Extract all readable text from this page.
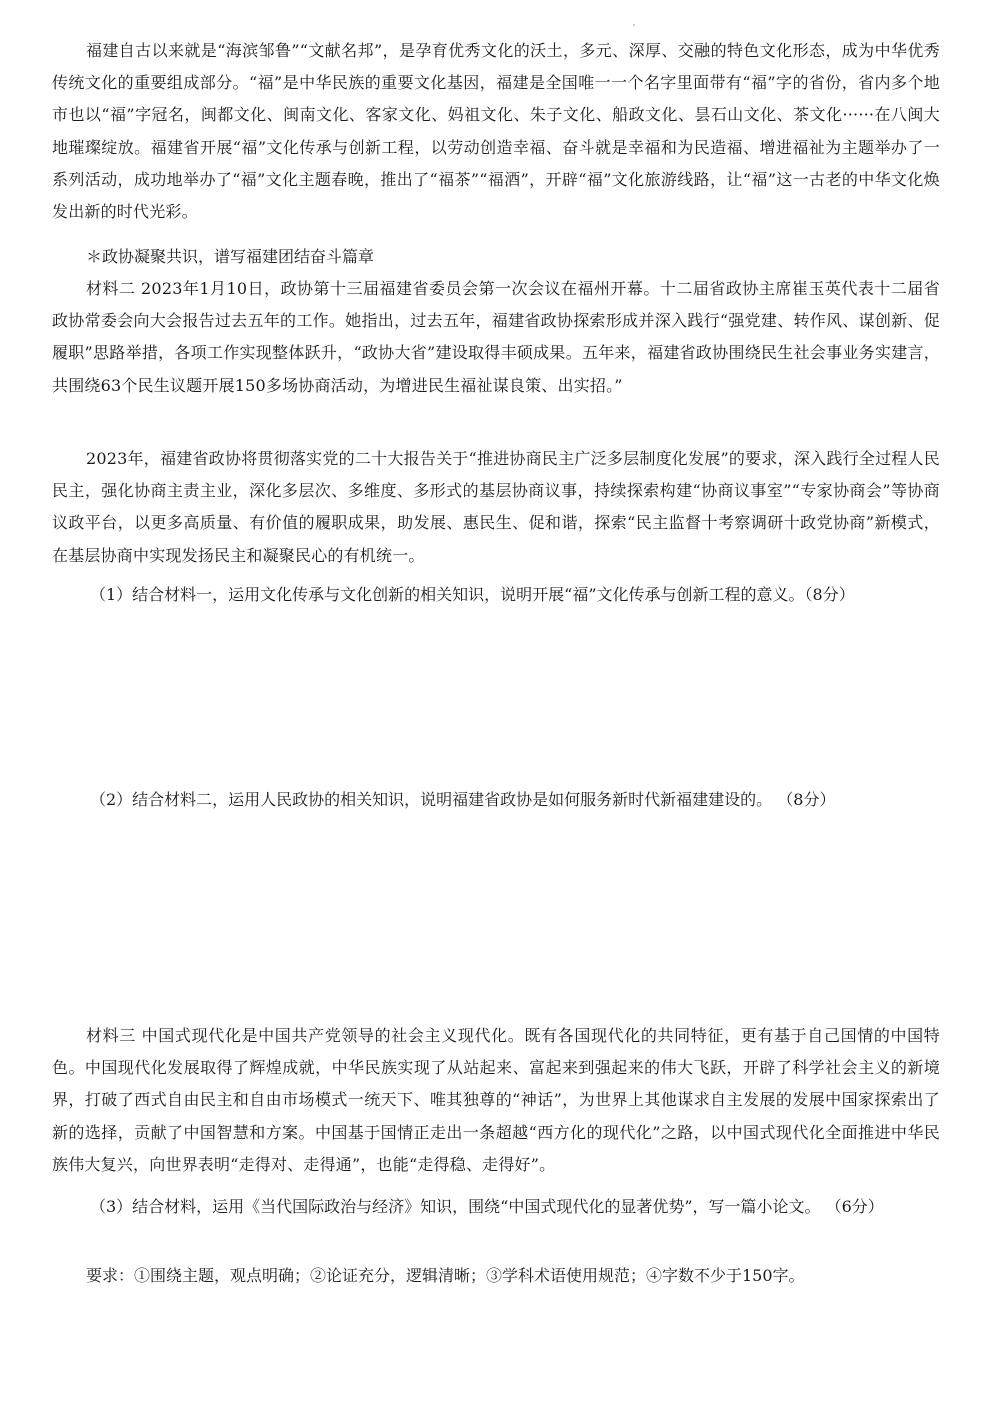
福建自古以来就是“海滨邹鲁”“文献名邦”，是孕育优秀文化的沃土，多元、深厚、交融的特色文化形态，成为中华优秀传统文化的重要组成部分。“福”是中华民族的重要文化基因，福建是全国唯一一个名字里面带有“福”字的省份，省内多个地市也以“福”字冠名，闽都文化、闽南文化、客家文化、妈祖文化、朱子文化、船政文化、昙石山文化、茶文化······在八闽大地璀璨绽放。福建省开展“福”文化传承与创新工程，以劳动创造幸福、奋斗就是幸福和为民造福、增进福祉为主题举办了一系列活动，成功地举办了“福”文化主题春晚，推出了“福茶”“福酒”，开辟“福”文化旅游线路，让“福”这一古老的中华文化焕发出新的时代光彩。

＊政协凝聚共识，谱写福建团结奋斗篇章

材料二 2023年1月10日，政协第十三届福建省委员会第一次会议在福州开幕。十二届省政协主席崔玉英代表十二届省政协常委会向大会报告过去五年的工作。她指出，过去五年，福建省政协探索形成并深入践行“强党建、转作风、谋创新、促履职”思路举措，各项工作实现整体跃升，“政协大省”建设取得丰硕成果。五年来，福建省政协围绕民生社会事业务实建言，共围绕63个民生议题开展150多场协商活动，为增进民生福祉谋良策、出实招。”

2023年，福建省政协将贯彻落实党的二十大报告关于“推进协商民主广泛多层制度化发展”的要求，深入践行全过程人民民主，强化协商主责主业，深化多层次、多维度、多形式的基层协商议事，持续探索构建“协商议事室”“专家协商会”等协商议政平台，以更多高质量、有价值的履职成果，助发展、惠民生、促和谐，探索“民主监督十考察调研十政党协商”新模式，在基层协商中实现发扬民主和凝聚民心的有机统一。

（1）结合材料一，运用文化传承与文化创新的相关知识，说明开展“福”文化传承与创新工程的意义。（8分）

（2）结合材料二，运用人民政协的相关知识，说明福建省政协是如何服务新时代新福建建设的。 （8分）

材料三 中国式现代化是中国共产党领导的社会主义现代化。既有各国现代化的共同特征，更有基于自己国情的中国特色。中国现代化发展取得了辉煌成就，中华民族实现了从站起来、富起来到强起来的伟大飞跃，开辟了科学社会主义的新境界，打破了西式自由民主和自由市场模式一统天下、唯其独尊的“神话”，为世界上其他谋求自主发展的发展中国家探索出了新的选择，贡献了中国智慧和方案。中国基于国情正走出一条超越“西方化的现代化”之路，以中国式现代化全面推进中华民族伟大复兴，向世界表明“走得对、走得通”，也能“走得稳、走得好”。

（3）结合材料，运用《当代国际政治与经济》知识，围绕“中国式现代化的显著优势”，写一篇小论文。 （6分）

要求：①围绕主题，观点明确；②论证充分，逻辑清晰；③学科术语使用规范；④字数不少于150字。
